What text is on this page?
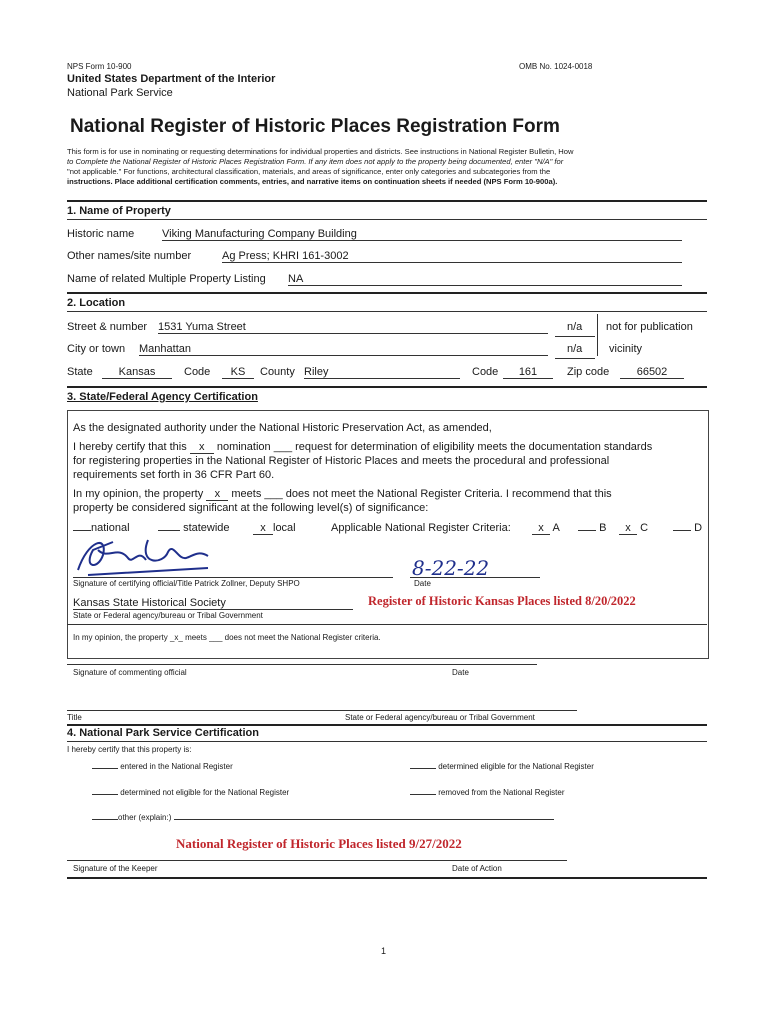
NPS Form 10-900	OMB No. 1024-0018
United States Department of the Interior
National Park Service
National Register of Historic Places Registration Form
This form is for use in nominating or requesting determinations for individual properties and districts. See instructions in National Register Bulletin, How
to Complete the National Register of Historic Places Registration Form. If any item does not apply to the property being documented, enter "N/A" for
"not applicable." For functions, architectural classification, materials, and areas of significance, enter only categories and subcategories from the
instructions. Place additional certification comments, entries, and narrative items on continuation sheets if needed (NPS Form 10-900a).
1. Name of Property
Historic name	Viking Manufacturing Company Building
Other names/site number	Ag Press; KHRI 161-3002
Name of related Multiple Property Listing NA
2. Location
Street & number 1531 Yuma Street	n/a not for publication
City or town Manhattan	n/a vicinity
State	Kansas	Code	KS	County Riley	Code	161	Zip code	66502
3. State/Federal Agency Certification
As the designated authority under the National Historic Preservation Act, as amended,
I hereby certify that this x nomination ___ request for determination of eligibility meets the documentation standards
for registering properties in the National Register of Historic Places and meets the procedural and professional
requirements set forth in 36 CFR Part 60.
In my opinion, the property x meets ___ does not meet the National Register Criteria. I recommend that this
property be considered significant at the following level(s) of significance:
national	statewide	x local	Applicable National Register Criteria:	x A	B	x C	D
8-22-22
Signature of certifying official/Title Patrick Zollner, Deputy SHPO	Date
Kansas State Historical Society
State or Federal agency/bureau or Tribal Government
Register of Historic Kansas Places listed 8/20/2022
In my opinion, the property _x_ meets ___ does not meet the National Register criteria.
Signature of commenting official	Date
Title	State or Federal agency/bureau or Tribal Government
4. National Park Service Certification
I hereby certify that this property is:
entered in the National Register	determined eligible for the National Register
determined not eligible for the National Register	removed from the National Register
other (explain:)
National Register of Historic Places listed 9/27/2022
Signature of the Keeper	Date of Action
1
